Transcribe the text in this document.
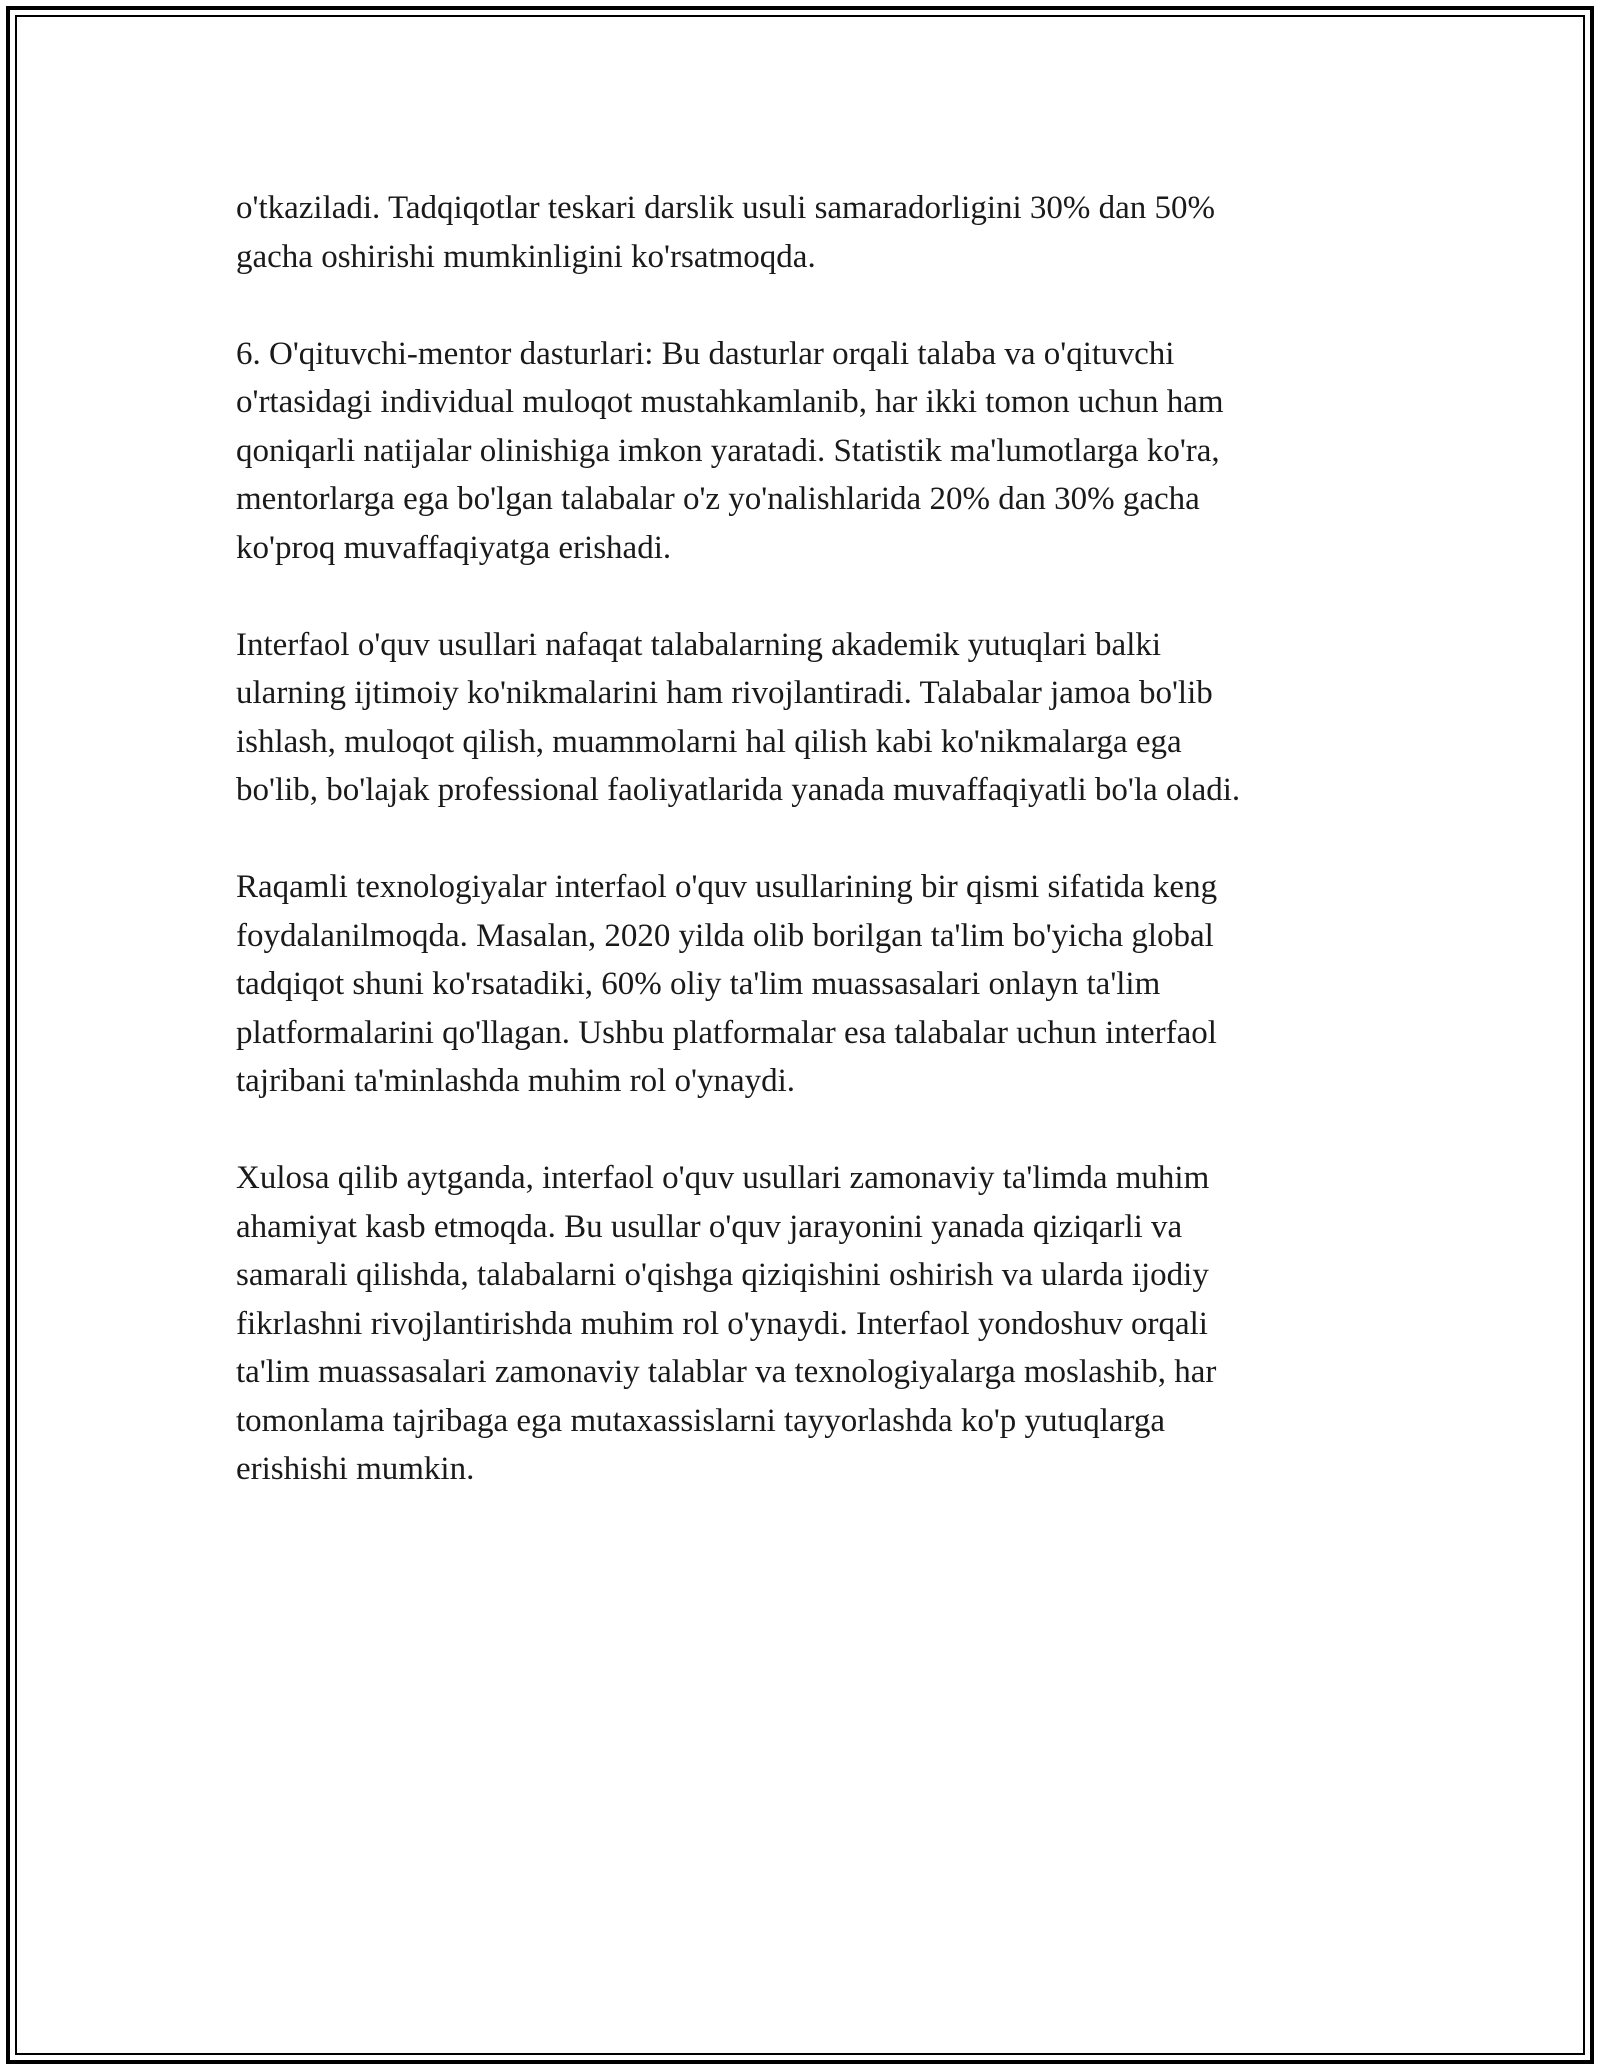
o'tkaziladi. Tadqiqotlar teskari darslik usuli samaradorligini 30% dan 50%
gacha oshirishi mumkinligini ko'rsatmoqda.

6. O'qituvchi-mentor dasturlari: Bu dasturlar orqali talaba va o'qituvchi
o'rtasidagi individual muloqot mustahkamlanib, har ikki tomon uchun ham
qoniqarli natijalar olinishiga imkon yaratadi. Statistik ma'lumotlarga ko'ra,
mentorlarga ega bo'lgan talabalar o'z yo'nalishlarida 20% dan 30% gacha
ko'proq muvaffaqiyatga erishadi.

Interfaol o'quv usullari nafaqat talabalarning akademik yutuqlari balki
ularning ijtimoiy ko'nikmalarini ham rivojlantiradi. Talabalar jamoa bo'lib
ishlash, muloqot qilish, muammolarni hal qilish kabi ko'nikmalarga ega
bo'lib, bo'lajak professional faoliyatlarida yanada muvaffaqiyatli bo'la oladi.

Raqamli texnologiyalar interfaol o'quv usullarining bir qismi sifatida keng
foydalanilmoqda. Masalan, 2020 yilda olib borilgan ta'lim bo'yicha global
tadqiqot shuni ko'rsatadiki, 60% oliy ta'lim muassasalari onlayn ta'lim
platformalarini qo'llagan. Ushbu platformalar esa talabalar uchun interfaol
tajribani ta'minlashda muhim rol o'ynaydi.

Xulosa qilib aytganda, interfaol o'quv usullari zamonaviy ta'limda muhim
ahamiyat kasb etmoqda. Bu usullar o'quv jarayonini yanada qiziqarli va
samarali qilishda, talabalarni o'qishga qiziqishini oshirish va ularda ijodiy
fikrlashni rivojlantirishda muhim rol o'ynaydi. Interfaol yondoshuv orqali
ta'lim muassasalari zamonaviy talablar va texnologiyalarga moslashib, har
tomonlama tajribaga ega mutaxassislarni tayyorlashda ko'p yutuqlarga
erishishi mumkin.
